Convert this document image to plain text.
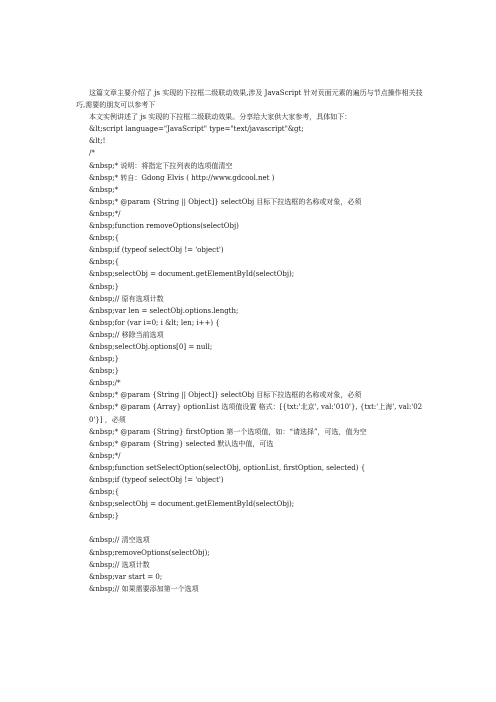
这篇文章主要介绍了 js 实现的下拉框二级联动效果,涉及 JavaScript 针对页面元素的遍历与节点操作相关技巧,需要的朋友可以参考下

本文实例讲述了 js 实现的下拉框二级联动效果。分享给大家供大家参考，具体如下：

&lt;script language="JavaScript" type="text/javascript"&gt;

&lt;!

/*

&nbsp;* 说明：将指定下拉列表的选项值清空

&nbsp;* 转自：Gdong Elvis ( http://www.gdcool.net )

&nbsp;*

&nbsp;* @param {String || Object]} selectObj 目标下拉选框的名称或对象，必须

&nbsp;*/

&nbsp;function removeOptions(selectObj)

&nbsp;{

&nbsp;if (typeof selectObj != 'object')

&nbsp;{

&nbsp;selectObj = document.getElementById(selectObj);

&nbsp;}

&nbsp;// 原有选项计数

&nbsp;var len = selectObj.options.length;

&nbsp;for (var i=0; i &lt; len; i++) {

&nbsp;// 移除当前选项

&nbsp;selectObj.options[0] = null;

&nbsp;}

&nbsp;}

&nbsp;/*

&nbsp;* @param {String || Object]} selectObj 目标下拉选框的名称或对象，必须

&nbsp;* @param {Array} optionList 选项值设置 格式：[{txt:'北京', val:'010'}, {txt:'上海', val:'020'}] ，必须

&nbsp;* @param {String} firstOption 第一个选项值，如：“请选择”，可选，值为空

&nbsp;* @param {String} selected 默认选中值，可选

&nbsp;*/

&nbsp;function setSelectOption(selectObj, optionList, firstOption, selected) {

&nbsp;if (typeof selectObj != 'object')

&nbsp;{

&nbsp;selectObj = document.getElementById(selectObj);

&nbsp;}

&nbsp;// 清空选项

&nbsp;removeOptions(selectObj);

&nbsp;// 选项计数

&nbsp;var start = 0;

&nbsp;// 如果需要添加第一个选项
